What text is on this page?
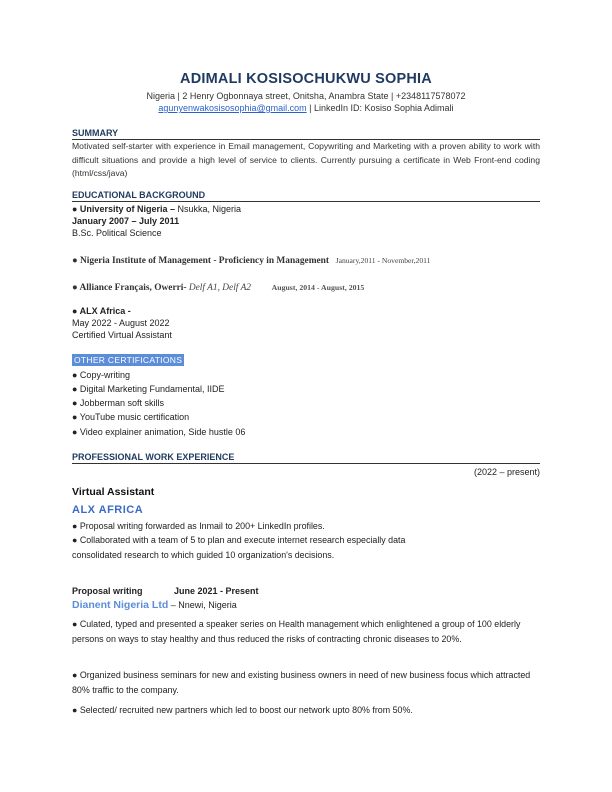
ADIMALI KOSISOCHUKWU SOPHIA
Nigeria | 2 Henry Ogbonnaya street, Onitsha, Anambra State | +2348117578072
agunyenwakosisosophia@gmail.com | LinkedIn ID: Kosiso Sophia Adimali
SUMMARY
Motivated self-starter with experience in Email management, Copywriting and Marketing with a proven ability to work with difficult situations and provide a high level of service to clients. Currently pursuing a certificate in Web Front-end coding (html/css/java)
EDUCATIONAL BACKGROUND
● University of Nigeria – Nsukka, Nigeria
January 2007 – July 2011
B.Sc. Political Science
● Nigeria Institute of Management - Proficiency in Management January,2011 - November,2011
● Alliance Français, Owerri- Delf A1, Delf A2	August, 2014 - August, 2015
● ALX Africa -
May 2022 - August 2022
Certified Virtual Assistant
OTHER CERTIFICATIONS
● Copy-writing
● Digital Marketing Fundamental, IIDE
● Jobberman soft skills
● YouTube music certification
● Video explainer animation, Side hustle 06
PROFESSIONAL WORK EXPERIENCE
(2022 – present)
Virtual Assistant
ALX AFRICA
● Proposal writing forwarded as Inmail to 200+ LinkedIn profiles.
● Collaborated with a team of 5 to plan and execute internet research especially data
consolidated research to which guided 10 organization's decisions.
Proposal writing	June 2021 - Present
Dianent Nigeria Ltd – Nnewi, Nigeria
● Culated, typed and presented a speaker series on Health management which enlightened a group of 100 elderly persons on ways to stay healthy and thus reduced the risks of contracting chronic diseases to 20%.
● Organized business seminars for new and existing business owners in need of new business focus which attracted 80% traffic to the company.
● Selected/ recruited new partners which led to boost our network upto 80% from 50%.
